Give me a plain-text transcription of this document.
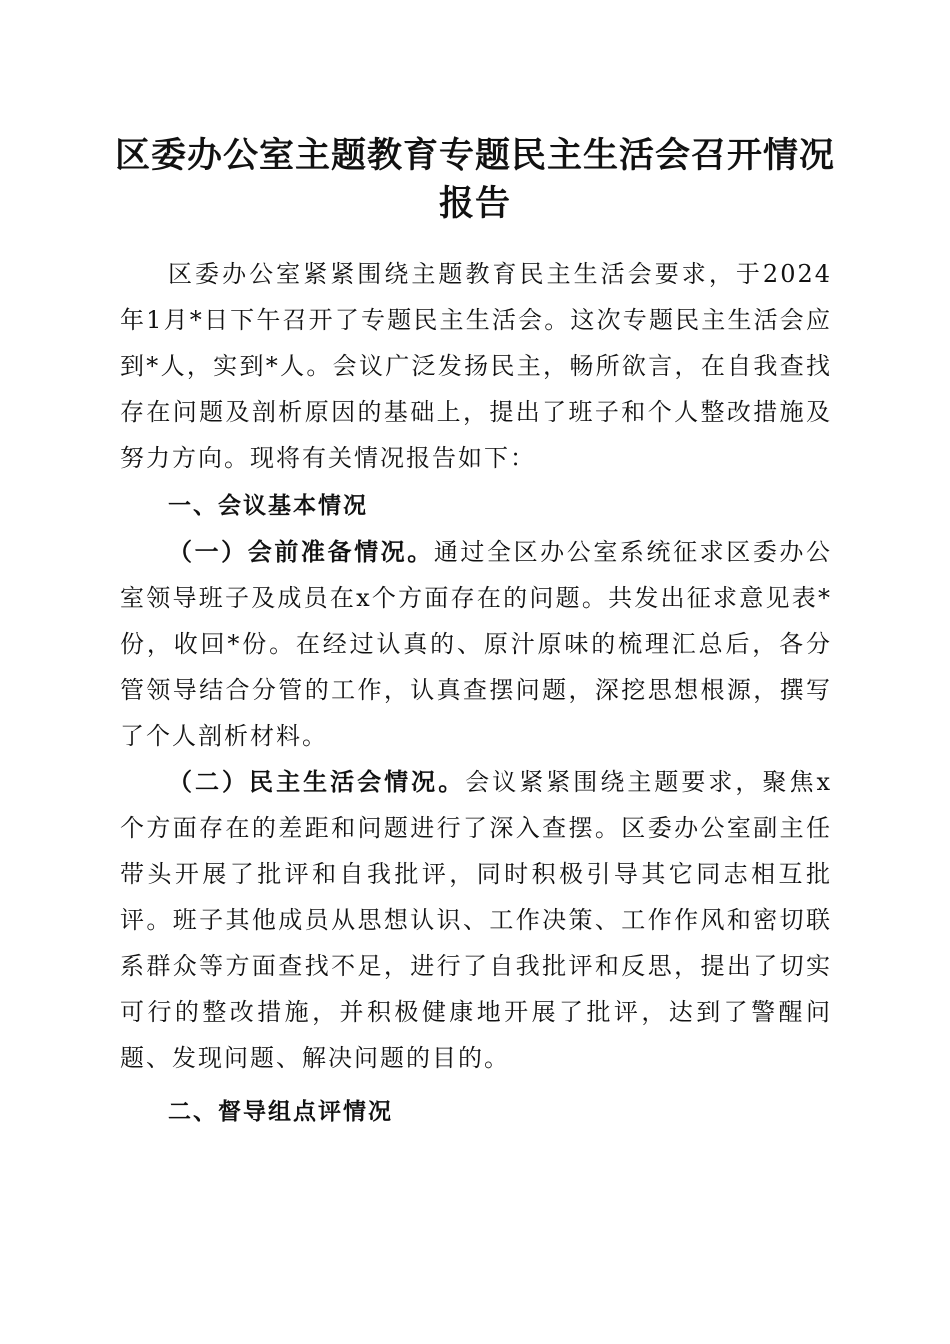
区委办公室主题教育专题民主生活会召开情况
报告

区委办公室紧紧围绕主题教育民主生活会要求，于2024年1月*日下午召开了专题民主生活会。这次专题民主生活会应到*人，实到*人。会议广泛发扬民主，畅所欲言，在自我查找存在问题及剖析原因的基础上，提出了班子和个人整改措施及努力方向。现将有关情况报告如下：

一、会议基本情况

（一）会前准备情况。通过全区办公室系统征求区委办公室领导班子及成员在x个方面存在的问题。共发出征求意见表*份，收回*份。在经过认真的、原汁原味的梳理汇总后，各分管领导结合分管的工作，认真查摆问题，深挖思想根源，撰写了个人剖析材料。

（二）民主生活会情况。会议紧紧围绕主题要求，聚焦x个方面存在的差距和问题进行了深入查摆。区委办公室副主任带头开展了批评和自我批评，同时积极引导其它同志相互批评。班子其他成员从思想认识、工作决策、工作作风和密切联系群众等方面查找不足，进行了自我批评和反思，提出了切实可行的整改措施，并积极健康地开展了批评，达到了警醒问题、发现问题、解决问题的目的。

二、督导组点评情况
